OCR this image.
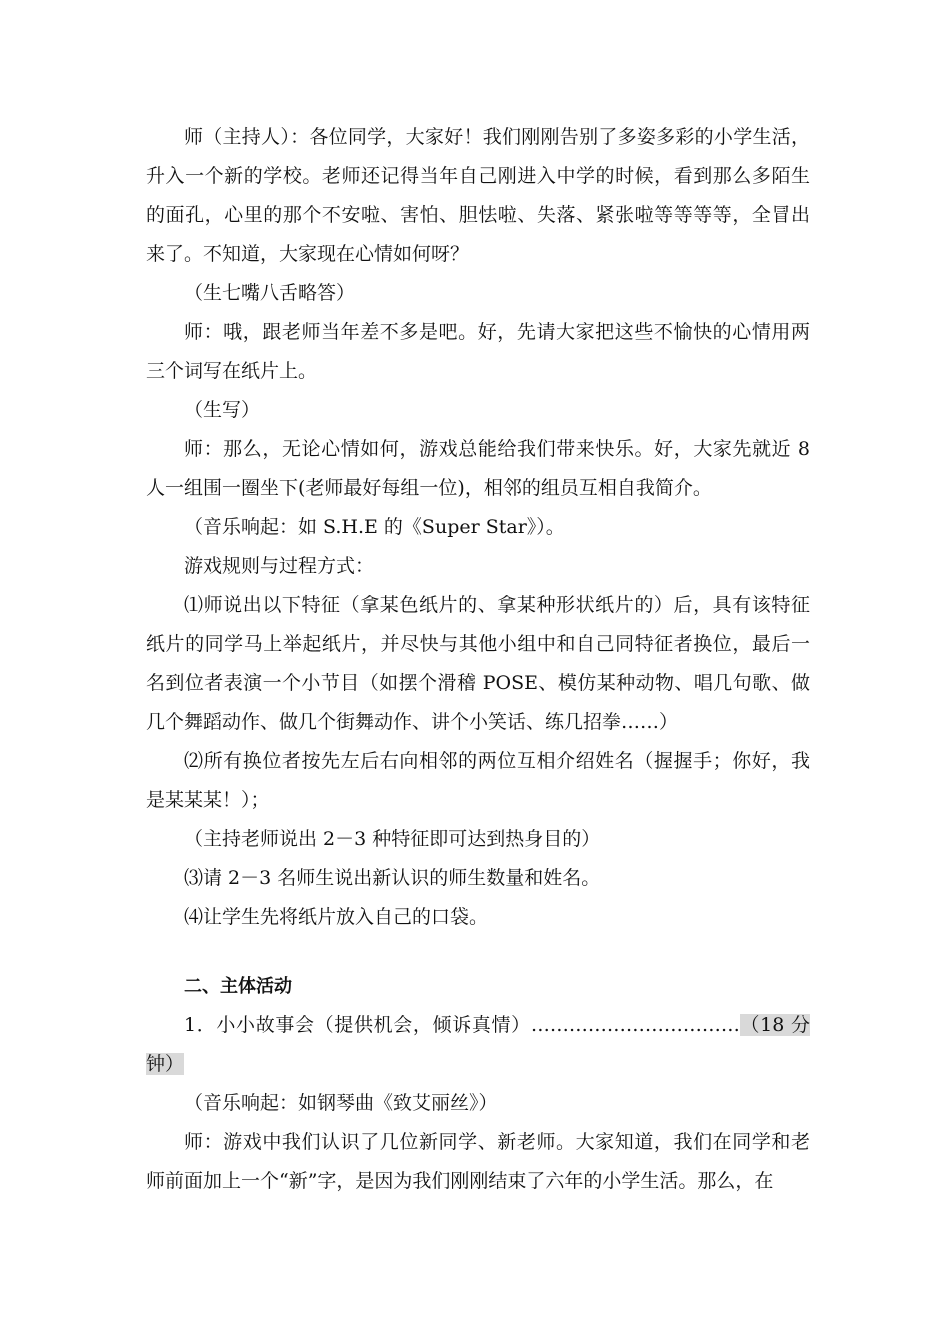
师（主持人）：各位同学，大家好！我们刚刚告别了多姿多彩的小学生活，升入一个新的学校。老师还记得当年自己刚进入中学的时候，看到那么多陌生的面孔，心里的那个不安啦、害怕、胆怯啦、失落、紧张啦等等等等，全冒出来了。不知道，大家现在心情如何呀？

（生七嘴八舌略答）

师：哦，跟老师当年差不多是吧。好，先请大家把这些不愉快的心情用两三个词写在纸片上。

（生写）

师：那么，无论心情如何，游戏总能给我们带来快乐。好，大家先就近 8 人一组围一圈坐下(老师最好每组一位)，相邻的组员互相自我简介。

（音乐响起：如 S.H.E 的《Super Star》）。

游戏规则与过程方式：

⑴师说出以下特征（拿某色纸片的、拿某种形状纸片的）后，具有该特征纸片的同学马上举起纸片，并尽快与其他小组中和自己同特征者换位，最后一名到位者表演一个小节目（如摆个滑稽 POSE、模仿某种动物、唱几句歌、做几个舞蹈动作、做几个街舞动作、讲个小笑话、练几招拳……）

⑵所有换位者按先左后右向相邻的两位互相介绍姓名（握握手；你好，我是某某某！）；

（主持老师说出 2－3 种特征即可达到热身目的）

⑶请 2－3 名师生说出新认识的师生数量和姓名。

⑷让学生先将纸片放入自己的口袋。

二、主体活动

1．小小故事会（提供机会，倾诉真情）……………………………（18 分钟）

（音乐响起：如钢琴曲《致艾丽丝》）

师：游戏中我们认识了几位新同学、新老师。大家知道，我们在同学和老师前面加上一个“新”字，是因为我们刚刚结束了六年的小学生活。那么，在
